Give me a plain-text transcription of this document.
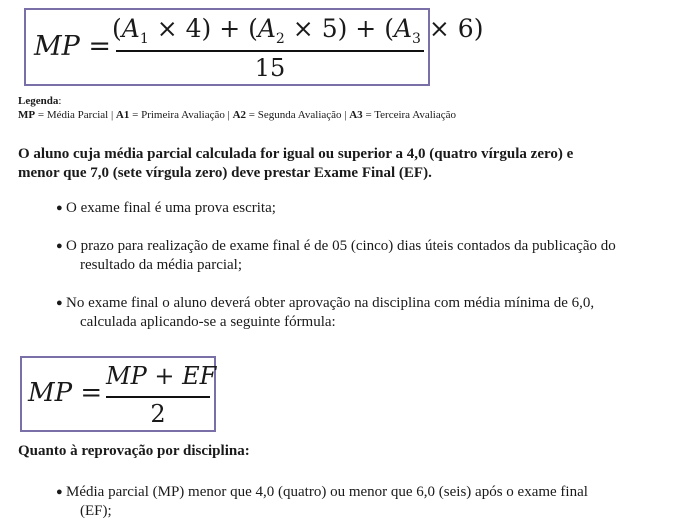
MP =
$(A_1 \times 4) + (A_2 \times 5) + (A_3 \times 6)$
15
Legenda:
MP = Média Parcial | A1 = Primeira Avaliação | A2 = Segunda Avaliação | A3 = Terceira Avaliação
O aluno cuja média parcial calculada for igual ou superior a 4,0 (quatro vírgula zero) e
menor que 7,0 (sete vírgula zero) deve prestar Exame Final (EF).
● O exame final é uma prova escrita;
● O prazo para realização de exame final é de 05 (cinco) dias úteis contados da publicação do
resultado da média parcial;
● No exame final o aluno deverá obter aprovação na disciplina com média mínima de 6,0,
calculada aplicando-se a seguinte fórmula:
MP =
MP + EF
2
Quanto à reprovação por disciplina:
● Média parcial (MP) menor que 4,0 (quatro) ou menor que 6,0 (seis) após o exame final
(EF);
